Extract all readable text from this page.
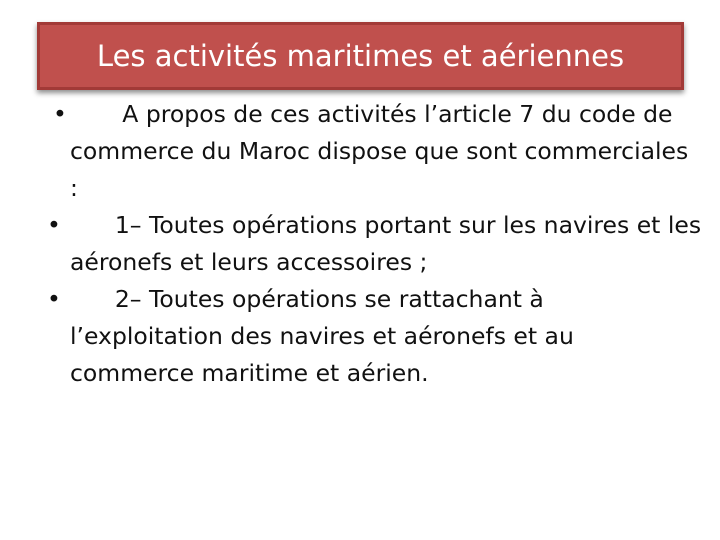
Les activités maritimes et aériennes
• A propos de ces activités l’article 7 du code de commerce du Maroc dispose que sont commerciales :
• 1– Toutes opérations portant sur les navires et les aéronefs et leurs accessoires ;
• 2– Toutes opérations se rattachant à l’exploitation des navires et aéronefs et au commerce maritime et aérien.
